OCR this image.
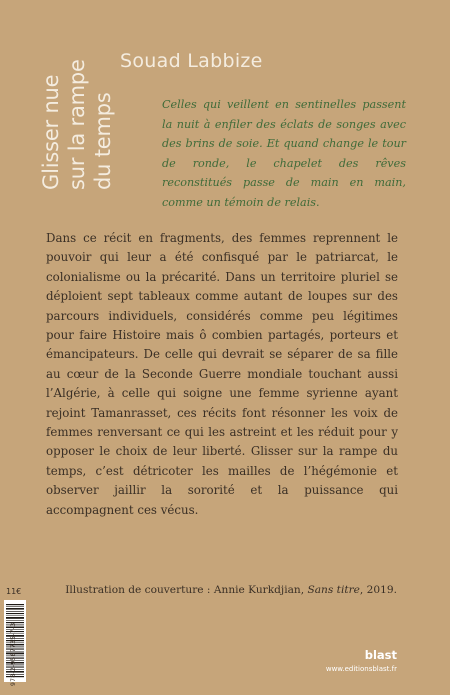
Glisser nue sur la rampe du temps
Souad Labbize
Celles qui veillent en sentinelles passent la nuit à enfiler des éclats de songes avec des brins de soie. Et quand change le tour de ronde, le chapelet des rêves reconstitués passe de main en main, comme un témoin de relais.
Dans ce récit en fragments, des femmes reprennent le pouvoir qui leur a été confisqué par le patriarcat, le colonialisme ou la précarité. Dans un territoire pluriel se déploient sept tableaux comme autant de loupes sur des parcours individuels, considérés comme peu légitimes pour faire Histoire mais ô combien partagés, porteurs et émancipateurs. De celle qui devrait se séparer de sa fille au cœur de la Seconde Guerre mondiale touchant aussi l’Algérie, à celle qui soigne une femme syrienne ayant rejoint Tamanrasset, ces récits font résonner les voix de femmes renversant ce qui les astreint et les réduit pour y opposer le choix de leur liberté. Glisser sur la rampe du temps, c’est détricoter les mailles de l’hégémonie et observer jaillir la sororité et la puissance qui accompagnent ces vécus.
Illustration de couverture : Annie Kurkdjian, Sans titre, 2019.
11€
978-2-9567735-7-3	blast
www.editionsblast.fr
